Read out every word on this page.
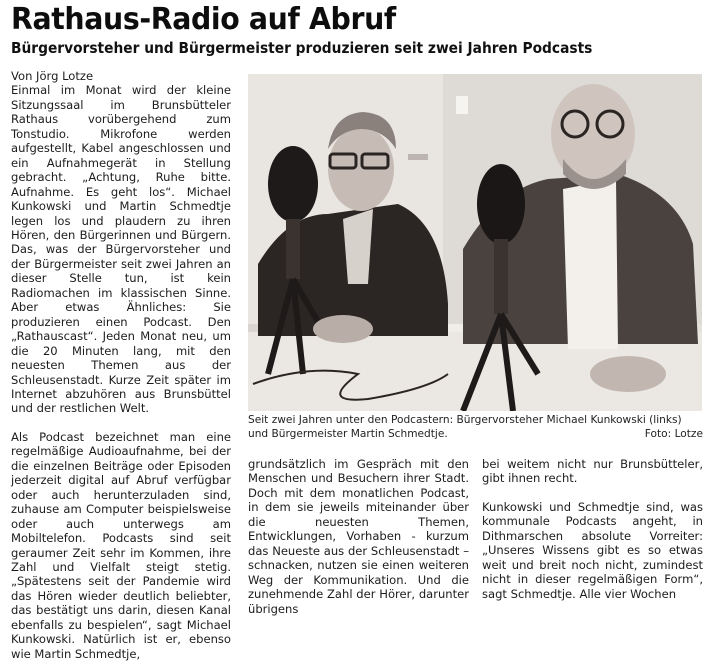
Rathaus-Radio auf Abruf
Bürgervorsteher und Bürgermeister produzieren seit zwei Jahren Podcasts
Von Jörg Lotze

Einmal im Monat wird der kleine Sitzungssaal im Brunsbütteler Rathaus vorübergehend zum Tonstudio. Mikrofone werden aufgestellt, Kabel angeschlossen und ein Aufnahmegerät in Stellung gebracht. „Achtung, Ruhe bitte. Aufnahme. Es geht los“. Michael Kunkowski und Martin Schmedtje legen los und plaudern zu ihren Hören, den Bürgerinnen und Bürgern. Das, was der Bürgervorsteher und der Bürgermeister seit zwei Jahren an dieser Stelle tun, ist kein Radiomachen im klassischen Sinne. Aber etwas Ähnliches: Sie produzieren einen Podcast. Den „Rathauscast“. Jeden Monat neu, um die 20 Minuten lang, mit den neuesten Themen aus der Schleusenstadt. Kurze Zeit später im Internet abzuhören aus Brunsbüttel und der restlichen Welt.

Als Podcast bezeichnet man eine regelmäßige Audioaufnahme, bei der die einzelnen Beiträge oder Episoden jederzeit digital auf Abruf verfügbar oder auch herunterzuladen sind, zuhause am Computer beispielsweise oder auch unterwegs am Mobiltelefon. Podcasts sind seit geraumer Zeit sehr im Kommen, ihre Zahl und Vielfalt steigt stetig. „Spätestens seit der Pandemie wird das Hören wieder deutlich beliebter, das bestätigt uns darin, diesen Kanal ebenfalls zu bespielen“, sagt Michael Kunkowski. Natürlich ist er, ebenso wie Martin Schmedtje,

Seit zwei Jahren unter den Podcastern: Bürgervorsteher Michael Kunkowski (links)
und Bürgermeister Martin Schmedtje.	Foto: Lotze

grundsätzlich im Gespräch mit den Menschen und Besuchern ihrer Stadt. Doch mit dem monatlichen Podcast, in dem sie jeweils miteinander über die neuesten Themen, Entwicklungen, Vorhaben - kurzum das Neueste aus der Schleusenstadt – schnacken, nutzen sie einen weiteren Weg der Kommunikation. Und die zunehmende Zahl der Hörer, darunter übrigens

bei weitem nicht nur Brunsbütteler, gibt ihnen recht.

Kunkowski und Schmedtje sind, was kommunale Podcasts angeht, in Dithmarschen absolute Vorreiter: „Unseres Wissens gibt es so etwas weit und breit noch nicht, zumindest nicht in dieser regelmäßigen Form“, sagt Schmedtje. Alle vier Wochen
